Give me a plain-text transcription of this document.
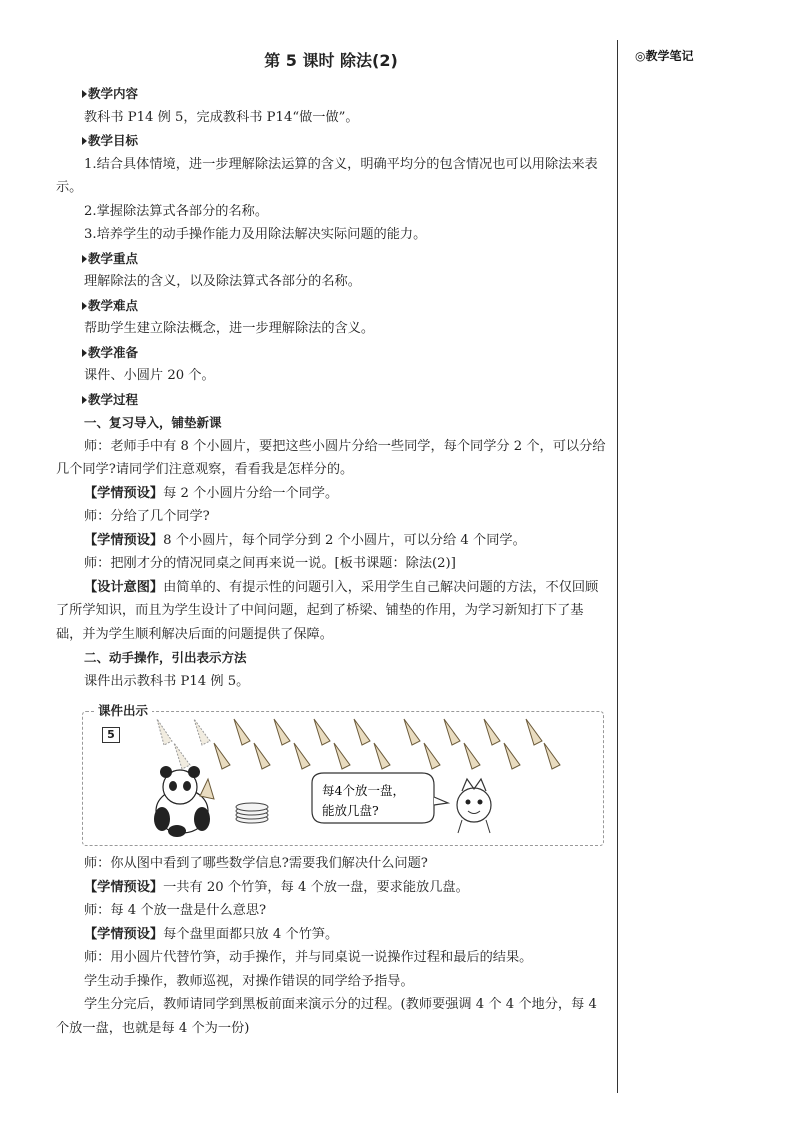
◎教学笔记
第 5 课时 除法(2)
教学内容
教科书 P14 例 5，完成教科书 P14“做一做”。
教学目标

1.结合具体情境，进一步理解除法运算的含义，明确平均分的包含情况也可以用除法来表示。

2.掌握除法算式各部分的名称。

3.培养学生的动手操作能力及用除法解决实际问题的能力。

教学重点
理解除法的含义，以及除法算式各部分的名称。
教学难点
帮助学生建立除法概念，进一步理解除法的含义。
教学准备
课件、小圆片 20 个。
教学过程
一、复习导入，铺垫新课

师：老师手中有 8 个小圆片，要把这些小圆片分给一些同学，每个同学分 2 个，可以分给几个同学?请同学们注意观察，看看我是怎样分的。

【学情预设】每 2 个小圆片分给一个同学。

师：分给了几个同学?

【学情预设】8 个小圆片，每个同学分到 2 个小圆片，可以分给 4 个同学。

师：把刚才分的情况同桌之间再来说一说。[板书课题：除法(2)]

【设计意图】由简单的、有提示性的问题引入，采用学生自己解决问题的方法，不仅回顾了所学知识，而且为学生设计了中间问题，起到了桥梁、铺垫的作用，为学习新知打下了基础，并为学生顺利解决后面的问题提供了保障。

二、动手操作，引出表示方法
课件出示教科书 P14 例 5。
每4个放一盘，
能放几盘?
课件出示
5

师：你从图中看到了哪些数学信息?需要我们解决什么问题?

【学情预设】一共有 20 个竹笋，每 4 个放一盘，要求能放几盘。

师：每 4 个放一盘是什么意思?

【学情预设】每个盘里面都只放 4 个竹笋。

师：用小圆片代替竹笋，动手操作，并与同桌说一说操作过程和最后的结果。

学生动手操作，教师巡视，对操作错误的同学给予指导。

学生分完后，教师请同学到黑板前面来演示分的过程。(教师要强调 4 个 4 个地分，每 4 个放一盘，也就是每 4 个为一份)
